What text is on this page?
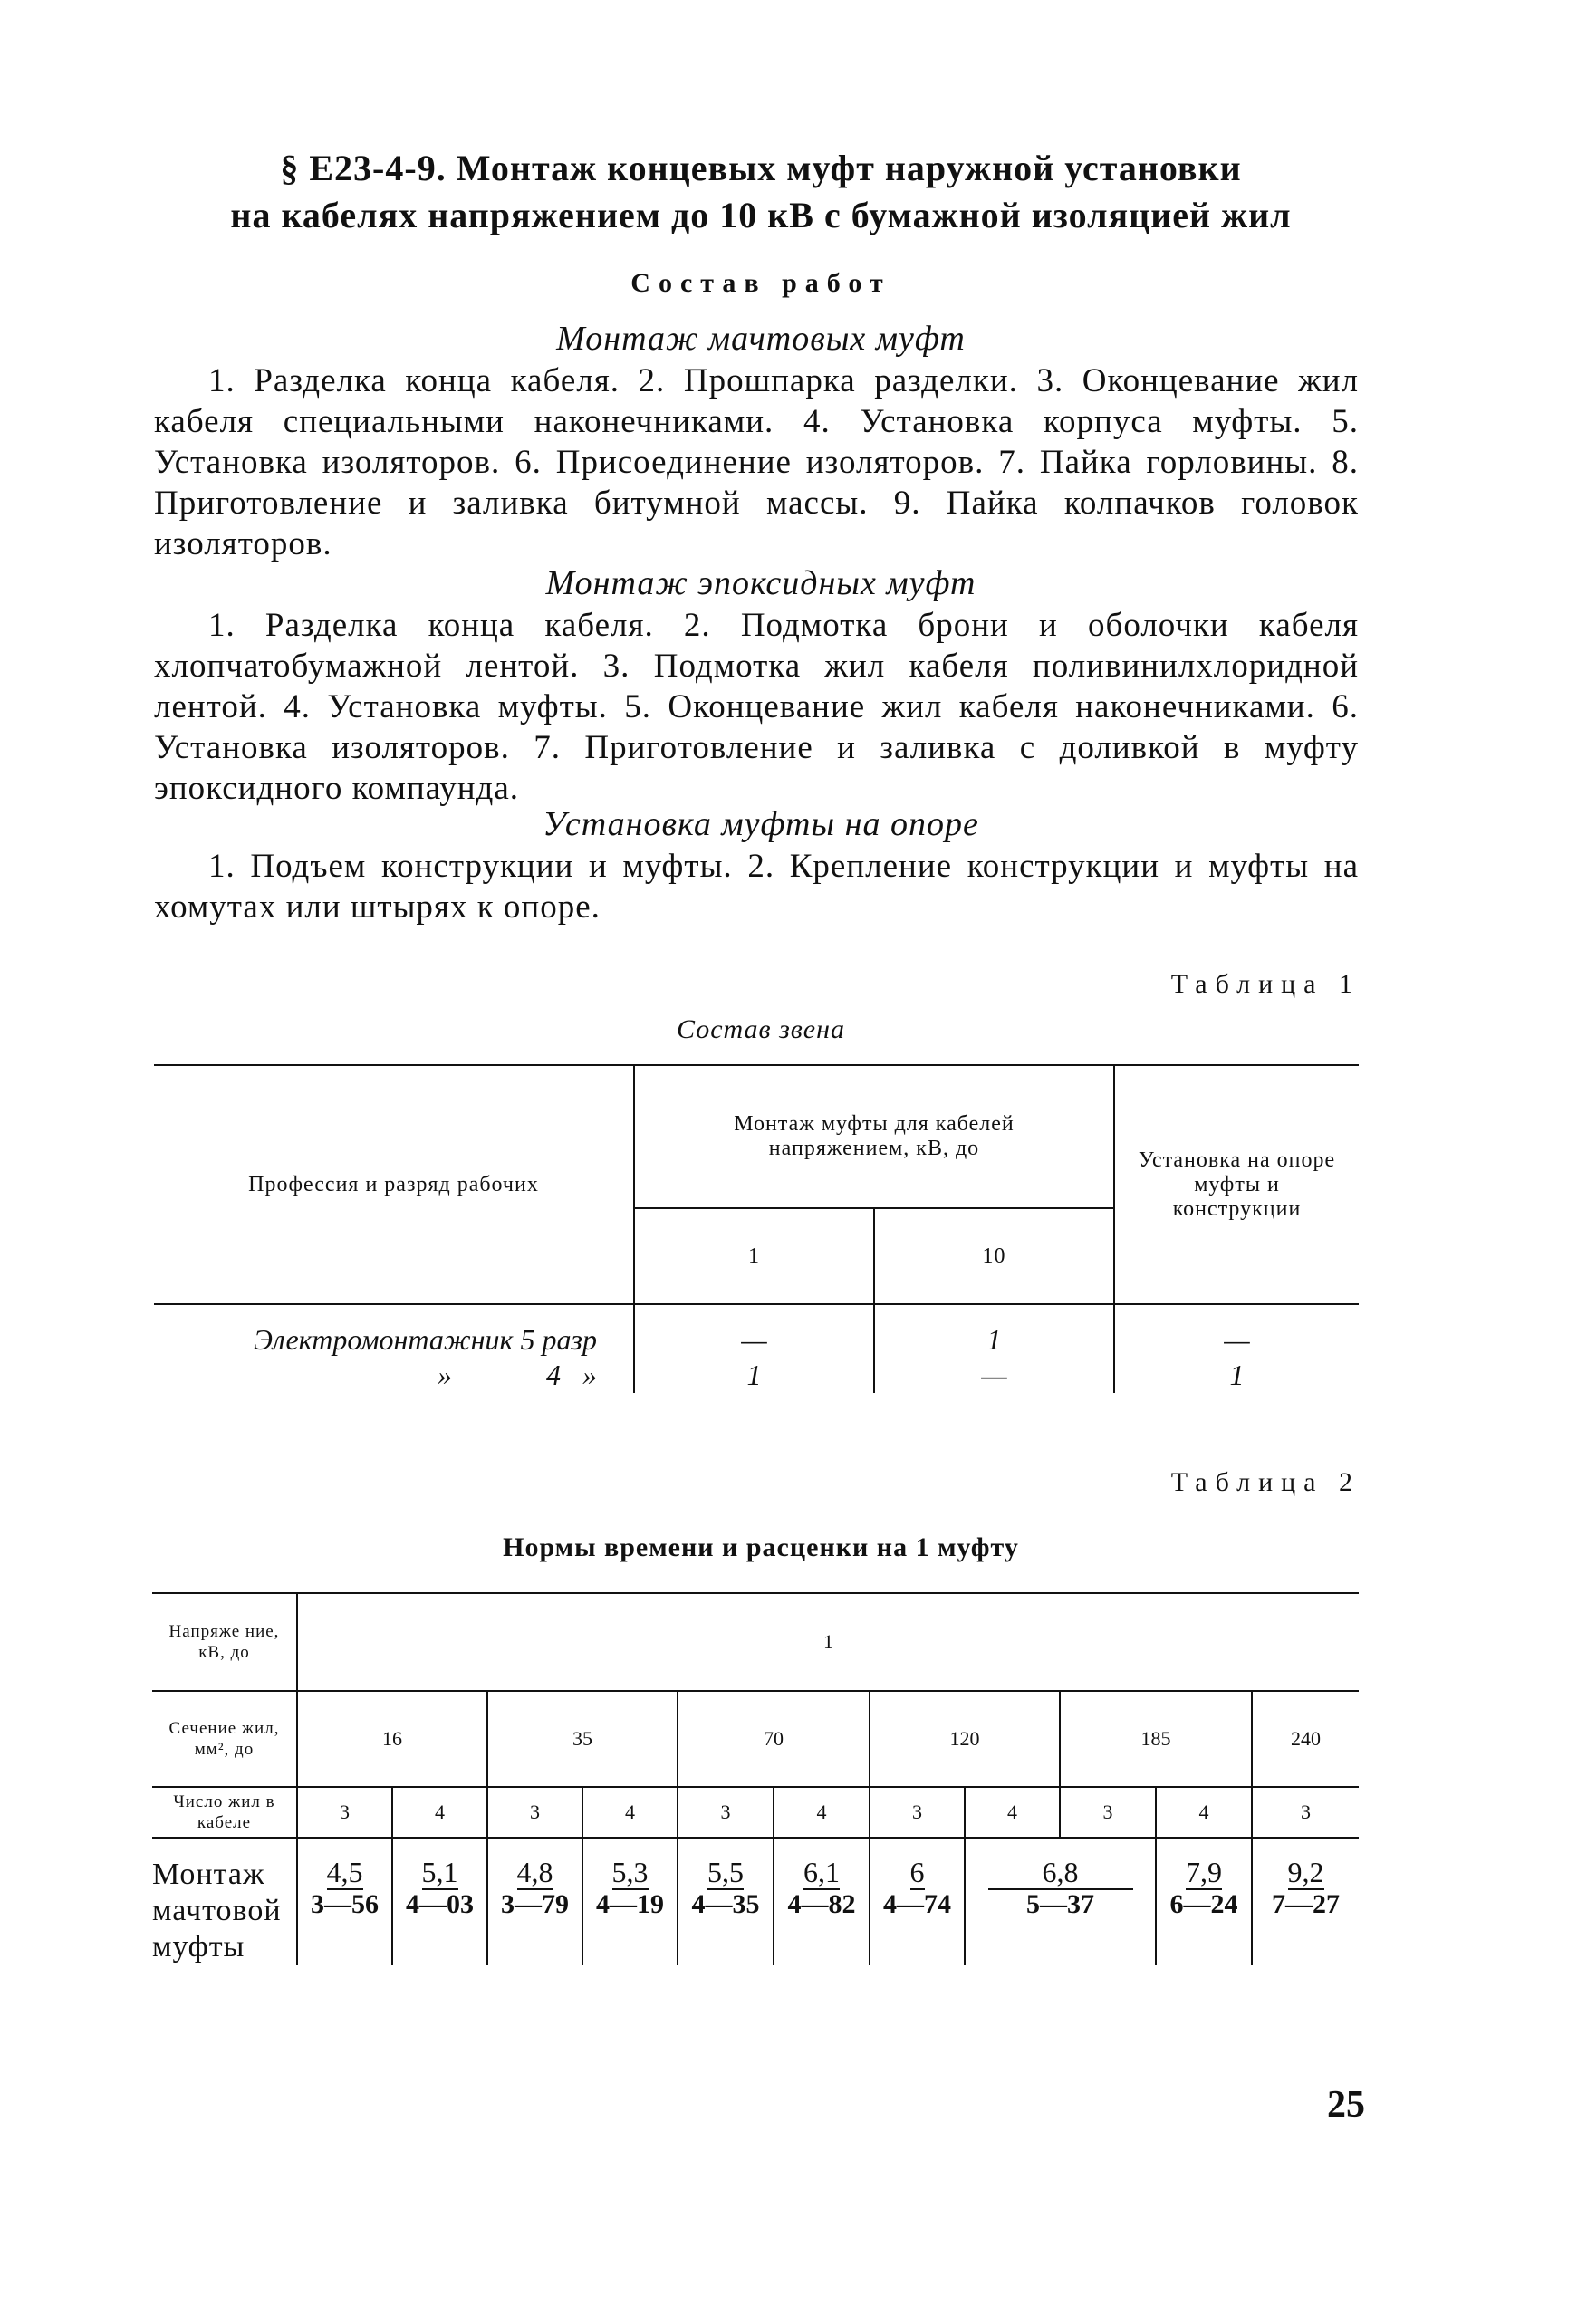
§ Е23-4-9. Монтаж концевых муфт наружной установки
на кабелях напряжением до 10 кВ с бумажной изоляцией жил
Состав работ
Монтаж мачтовых муфт
1. Разделка конца кабеля. 2. Прошпарка разделки. 3. Оконцевание жил кабеля специальными наконечниками. 4. Установка корпуса муфты. 5. Установка изоляторов. 6. Присоединение изоляторов. 7. Пайка горловины. 8. Приготовление и заливка битумной массы. 9. Пайка колпачков головок изоляторов.
Монтаж эпоксидных муфт
1. Разделка конца кабеля. 2. Подмотка брони и оболочки кабеля хлопчатобумажной лентой. 3. Подмотка жил кабеля поливинилхлоридной лентой. 4. Установка муфты. 5. Оконцевание жил кабеля наконечниками. 6. Установка изоляторов. 7. Приготовление и заливка с доливкой в муфту эпоксидного компаунда.
Установка муфты на опоре
1. Подъем конструкции и муфты. 2. Крепление конструкции и муфты на хомутах или штырях к опоре.
Таблица 1
Состав звена
Профессия и разряд рабочих	Монтаж муфты для кабелей напряжением, кВ, до		Установка на опоре муфты и конструкции
	1	10	
Электромонтажник 5 разр	—	1	—
»             4   »	1	—	1
Таблица 2
Нормы времени и расценки на 1 муфту
Напряже ние, кВ, до	1										
Сечение жил, мм², до	16		35		70		120		185		240
Число жил в кабеле	3	4	3	4	3	4	3	4	3	4	3
Монтаж мачтовой муфты	4,5	5,1	4,8	5,3	5,5	6,1	6	6,8		7,9	9,2
	3—56	4—03	3—79	4—19	4—35	4—82	4—74	5—37		6—24	7—27
25
